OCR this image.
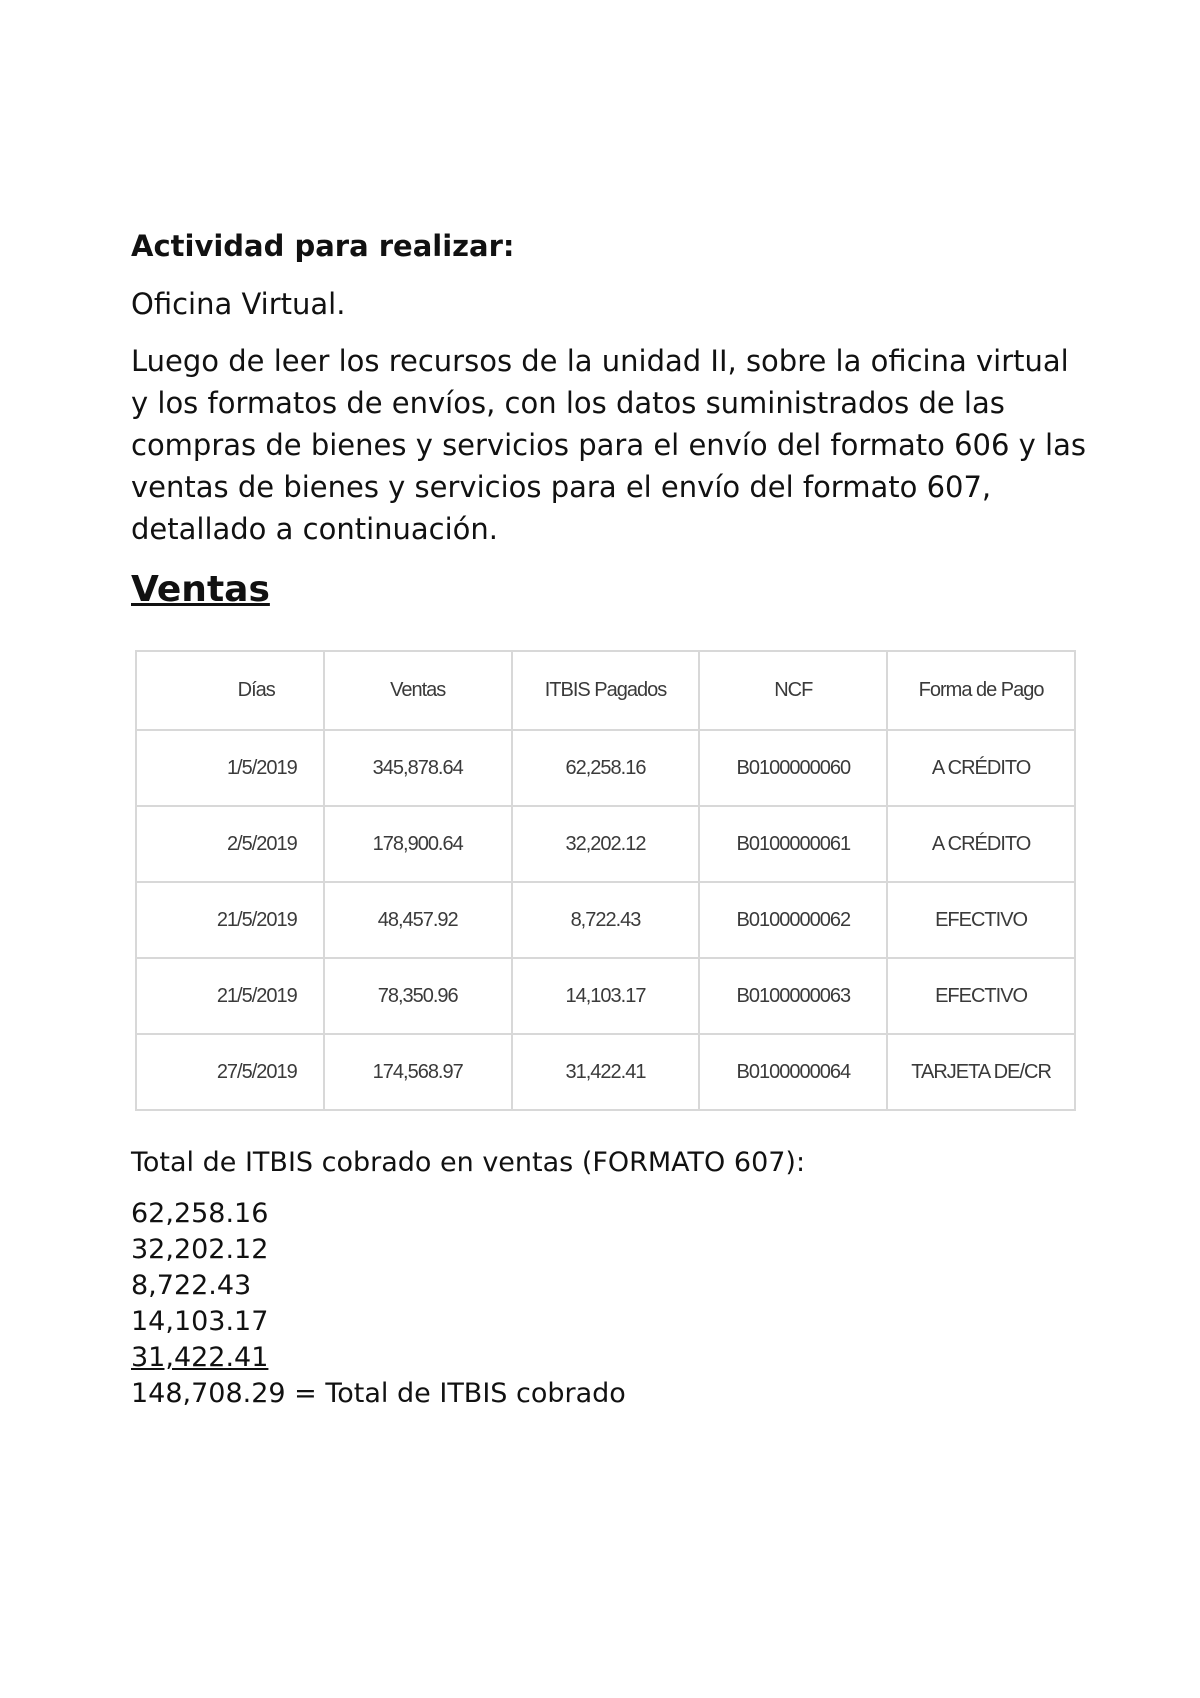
Actividad para realizar:

Oficina Virtual.

Luego de leer los recursos de la unidad II, sobre la oficina virtual y los formatos de envíos, con los datos suministrados de las compras de bienes y servicios para el envío del formato 606 y las ventas de bienes y servicios para el envío del formato 607, detallado a continuación.

Ventas

Días	Ventas	ITBIS Pagados	NCF	Forma de Pago
1/5/2019	345,878.64	62,258.16	B0100000060	A CRÉDITO
2/5/2019	178,900.64	32,202.12	B0100000061	A CRÉDITO
21/5/2019	48,457.92	8,722.43	B0100000062	EFECTIVO
21/5/2019	78,350.96	14,103.17	B0100000063	EFECTIVO
27/5/2019	174,568.97	31,422.41	B0100000064	TARJETA DE/CR

Total de ITBIS cobrado en ventas (FORMATO 607):

62,258.16

32,202.12

8,722.43

14,103.17

31,422.41

148,708.29 = Total de ITBIS cobrado
